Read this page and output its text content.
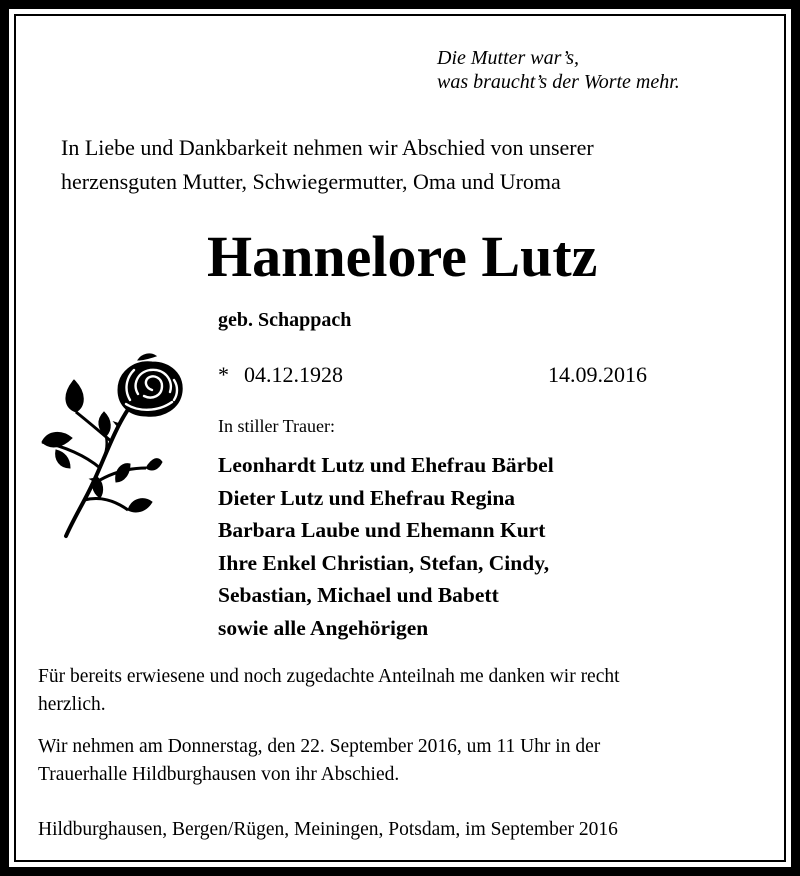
Die Mutter war’s,
was braucht’s der Worte mehr.
In Liebe und Dankbarkeit nehmen wir Abschied von unserer
herzensguten Mutter, Schwiegermutter, Oma und Uroma
Hannelore Lutz
geb. Schappach
* 04.12.1928	14.09.2016
In stiller Trauer:
Leonhardt Lutz und Ehefrau Bärbel
Dieter Lutz und Ehefrau Regina
Barbara Laube und Ehemann Kurt
Ihre Enkel Christian, Stefan, Cindy,
Sebastian, Michael und Babett
sowie alle Angehörigen
Für bereits erwiesene und noch zugedachte Anteilnah me danken wir recht
herzlich.
Wir nehmen am Donnerstag, den 22. September 2016, um 11 Uhr in der
Trauerhalle Hildburghausen von ihr Abschied.
Hildburghausen, Bergen/Rügen, Meiningen, Potsdam, im September 2016
